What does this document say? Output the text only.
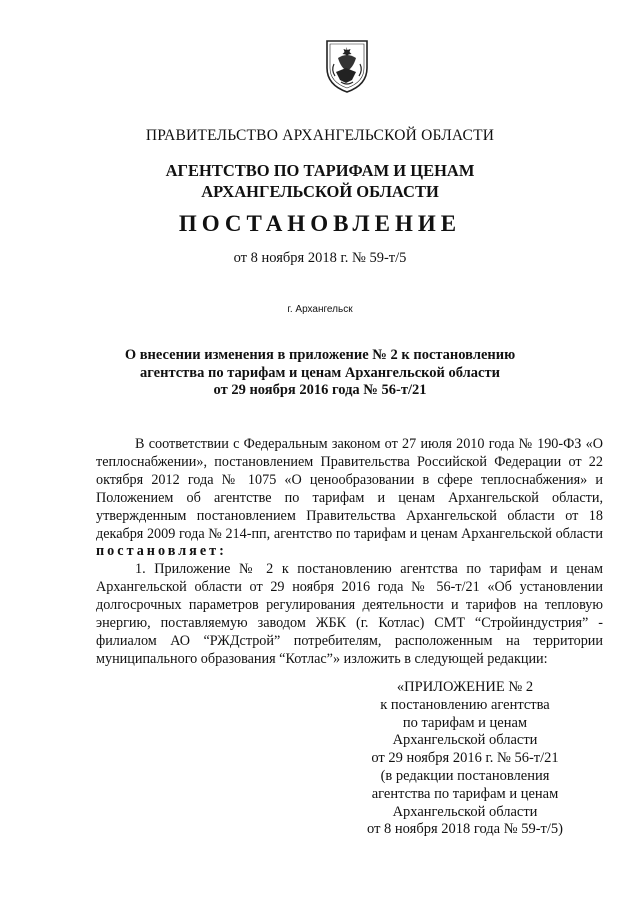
ПРАВИТЕЛЬСТВО АРХАНГЕЛЬСКОЙ ОБЛАСТИ
АГЕНТСТВО ПО ТАРИФАМ И ЦЕНАМ
АРХАНГЕЛЬСКОЙ ОБЛАСТИ
ПОСТАНОВЛЕНИЕ
от 8 ноября 2018 г. № 59-т/5
г. Архангельск
О внесении изменения в приложение № 2 к постановлению
агентства по тарифам и ценам Архангельской области
от 29 ноября 2016 года № 56-т/21

В соответствии с Федеральным законом от 27 июля 2010 года № 190-ФЗ «О теплоснабжении», постановлением Правительства Российской Федерации от 22 октября 2012 года № 1075 «О ценообразовании в сфере теплоснабжения» и Положением об агентстве по тарифам и ценам Архангельской области, утвержденным постановлением Правительства Архангельской области от 18 декабря 2009 года № 214-пп, агентство по тарифам и ценам Архангельской области постановляет:

1. Приложение № 2 к постановлению агентства по тарифам и ценам Архангельской области от 29 ноября 2016 года № 56-т/21 «Об установлении долгосрочных параметров регулирования деятельности и тарифов на тепловую энергию, поставляемую заводом ЖБК (г. Котлас) СМТ “Стройиндустрия” - филиалом АО “РЖДстрой” потребителям, расположенным на территории муниципального образования “Котлас”» изложить в следующей редакции:

«ПРИЛОЖЕНИЕ № 2
к постановлению агентства
по тарифам и ценам
Архангельской области
от 29 ноября 2016 г. № 56-т/21
(в редакции постановления
агентства по тарифам и ценам
Архангельской области
от 8 ноября 2018 года № 59-т/5)
